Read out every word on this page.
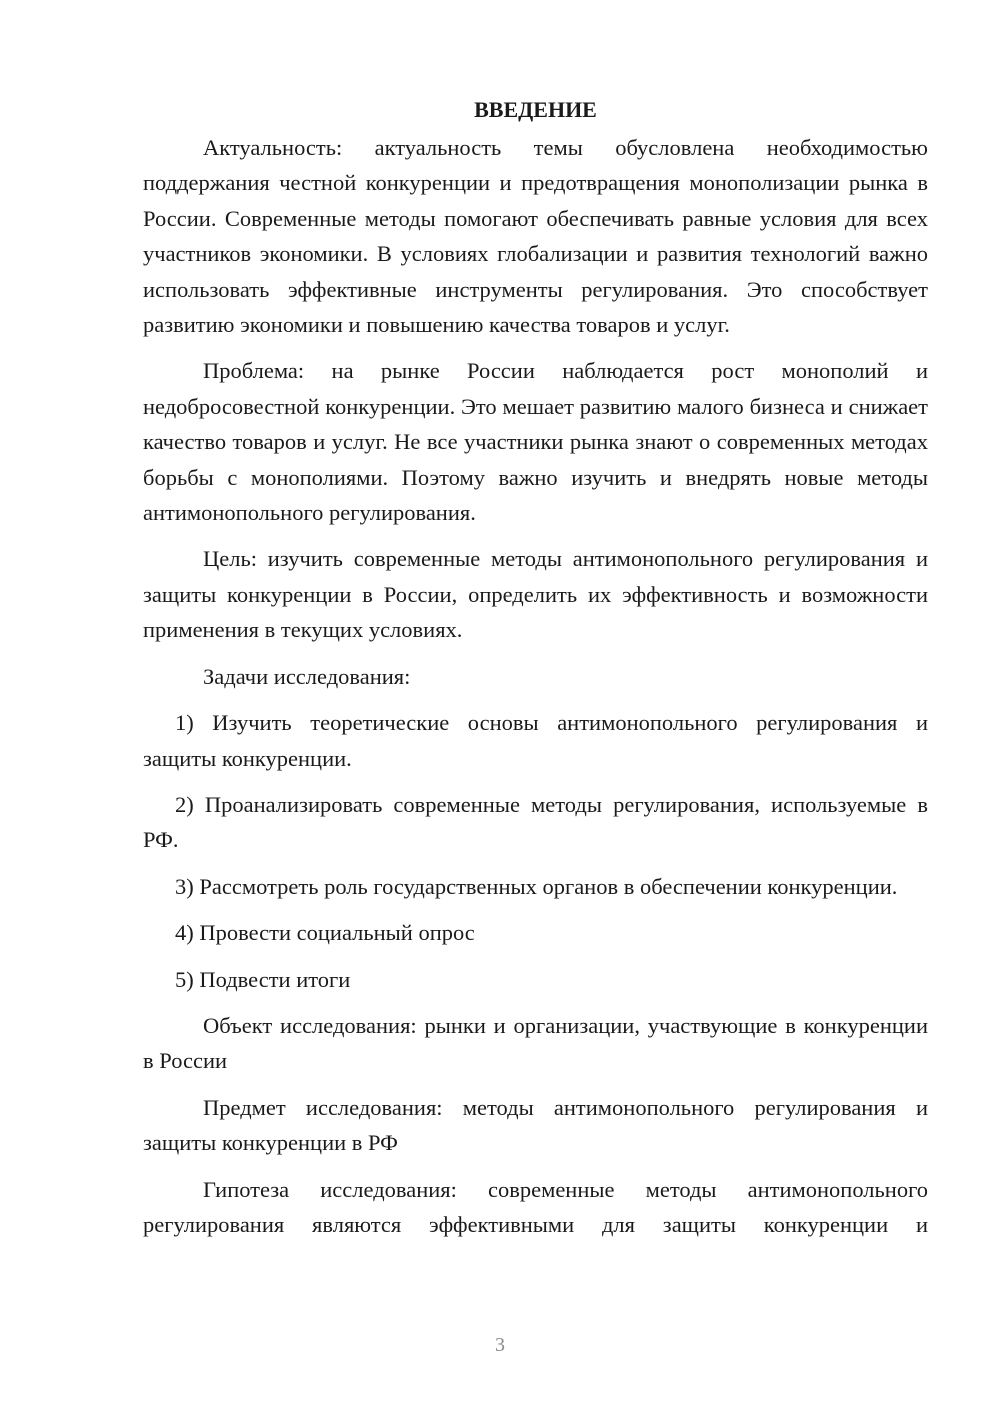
ВВЕДЕНИЕ

Актуальность: актуальность темы обусловлена необходимостью поддержания честной конкуренции и предотвращения монополизации рынка в России. Современные методы помогают обеспечивать равные условия для всех участников экономики. В условиях глобализации и развития технологий важно использовать эффективные инструменты регулирования. Это способствует развитию экономики и повышению качества товаров и услуг.

Проблема: на рынке России наблюдается рост монополий и недобросовестной конкуренции. Это мешает развитию малого бизнеса и снижает качество товаров и услуг. Не все участники рынка знают о современных методах борьбы с монополиями. Поэтому важно изучить и внедрять новые методы антимонопольного регулирования.

Цель: изучить современные методы антимонопольного регулирования и защиты конкуренции в России, определить их эффективность и возможности применения в текущих условиях.

Задачи исследования:

1) Изучить теоретические основы антимонопольного регулирования и защиты конкуренции.

2) Проанализировать современные методы регулирования, используемые в РФ.

3) Рассмотреть роль государственных органов в обеспечении конкуренции.

4) Провести социальный опрос

5) Подвести итоги

Объект исследования: рынки и организации, участвующие в конкуренции в России

Предмет исследования: методы антимонопольного регулирования и защиты конкуренции в РФ

Гипотеза исследования: современные методы антимонопольного регулирования являются эффективными для защиты конкуренции и

3
